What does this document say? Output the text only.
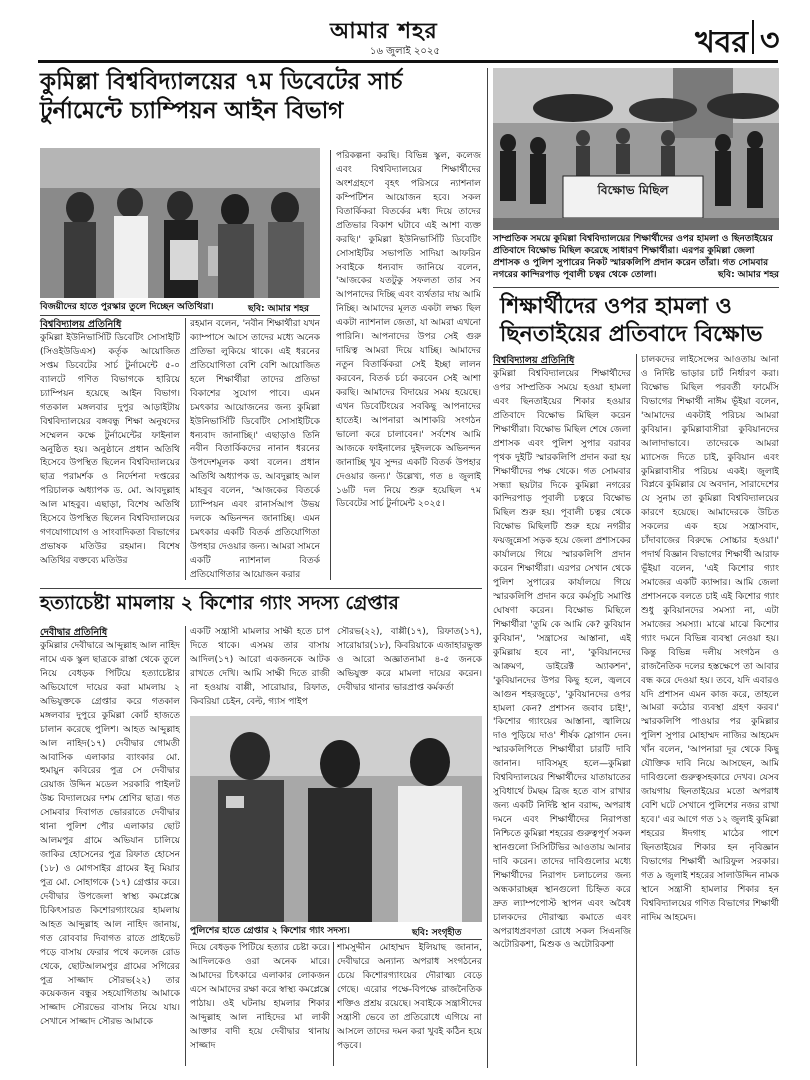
আমার শহর
১৬ জুলাই ২০২৫	খবর ৩
কুমিল্লা বিশ্ববিদ্যালয়ের ৭ম ডিবেটের সার্চ টুর্নামেন্টে চ্যাম্পিয়ন আইন বিভাগ
বিজয়ীদের হাতে পুরস্কার তুলে দিচ্ছেন অতিথিরা।	ছবি: আমার শহর
বিশ্ববিদ্যালয় প্রতিনিধি
কুমিল্লা ইউনিভার্সিটি ডিবেটিং সোসাইটি (সিওইউডিএস) কর্তৃক আয়োজিত সপ্তম ডিবেটের সার্চ টুর্নামেন্টে ৫-০ ব্যালটে গণিত বিভাগকে হারিয়ে চ্যাম্পিয়ন হয়েছে আইন বিভাগ। গতকাল মঙ্গলবার দুপুর আড়াইটায় বিশ্ববিদ্যালয়ের বঙ্গবন্ধু শিক্ষা অনুষদের সম্মেলন কক্ষে টুর্নামেন্টের ফাইনাল অনুষ্ঠিত হয়। অনুষ্ঠানে প্রধান অতিথি হিসেবে উপস্থিত ছিলেন বিশ্ববিদ্যালয়ের ছাত্র পরামর্শক ও নির্দেশনা দপ্তরের পরিচালক অধ্যাপক ড. মো. আবদুল্লাহ আল মাহবুব। এছাড়া, বিশেষ অতিথি হিসেবে উপস্থিত ছিলেন বিশ্ববিদ্যালয়ের গণযোগাযোগ ও সাংবাদিকতা বিভাগের প্রভাষক মতিউর রহমান। বিশেষ অতিথির বক্তব্যে মতিউর
রহমান বলেন, 'নবীন শিক্ষার্থীরা যখন ক্যাম্পাসে আসে তাদের মধ্যে অনেক প্রতিভা লুকিয়ে থাকে। এই ধরনের প্রতিযোগিতা বেশি বেশি আয়োজিত হলে শিক্ষার্থীরা তাদের প্রতিভা বিকাশের সুযোগ পাবে। এমন চমৎকার আয়োজনের জন্য কুমিল্লা ইউনিভার্সিটি ডিবেটিং সোসাইটিকে ধন্যবাদ জানাচ্ছি।' এছাড়াও তিনি নবীন বিতার্কিকদের নানান ধরনের উপদেশমূলক কথা বলেন। প্রধান অতিথি অধ্যাপক ড. আবদুল্লাহ আল মাহবুব বলেন, 'আজকের বিতর্কে চ্যাম্পিয়ন এবং রানার্সআপ উভয় দলকে অভিনন্দন জানাচ্ছি। এমন চমৎকার একটি বিতর্ক প্রতিযোগিতা উপহার দেওয়ার জন্য। আমরা সামনে একটি ন্যাশনাল বিতর্ক প্রতিযোগিতার আয়োজন করার
পরিকল্পনা করছি। বিভিন্ন স্কুল, কলেজ এবং বিশ্ববিদ্যালয়ের শিক্ষার্থীদের অংশগ্রহণে বৃহৎ পরিসরে ন্যাশনাল কম্পিটিশন আয়োজন হবে। সকল বিতার্কিকরা বিতর্কের মধ্য দিয়ে তাদের প্রতিভার বিকাশ ঘটাবে এই আশা ব্যক্ত করছি।' কুমিল্লা ইউনিভার্সিটি ডিবেটিং সোসাইটির সভাপতি সাদিয়া আফরিন সবাইকে ধন্যবাদ জানিয়ে বলেন, 'আজকের যতটুকু সফলতা তার সব আপনাদের দিচ্ছি এবং ব্যর্থতার দায় আমি নিচ্ছি। আমাদের মূলত একটা লক্ষ্য ছিল একটা ন্যাশনাল জেতা, যা আমরা এখনো পারিনি। আপনাদের উপর সেই গুরু দায়িত্ব আমরা দিয়ে যাচ্ছি। আমাদের নতুন বিতার্কিকরা সেই ইচ্ছা লালন করবেন, বিতর্ক চর্চা করবেন সেই আশা করছি। আমাদের বিদায়ের সময় হয়েছে। এখন ডিবেটিংয়ের সবকিছু আপনাদের হাতেই। আপনারা আশাকরি সংগঠন ভালো করে চালাবেন।' সর্বশেষ আমি আজকে ফাইনালের দুইদলকে অভিনন্দন জানাচ্ছি খুব সুন্দর একটি বিতর্ক উপহার দেওয়ার জন্য।' উল্লেখ্য, গত ৪ জুলাই ১৬টি দল নিয়ে শুরু হয়েছিল ৭ম ডিবেটের সার্চ টুর্নামেন্ট ২০২৫।
বিক্ষোভ মিছিল
সাম্প্রতিক সময়ে কুমিল্লা বিশ্ববিদ্যালয়ের শিক্ষার্থীদের ওপর হামলা ও ছিনতাইয়ের প্রতিবাদে বিক্ষোভ মিছিল করেছে সাধারণ শিক্ষার্থীরা। এরপর কুমিল্লা জেলা প্রশাসক ও পুলিশ সুপারের নিকট স্মারকলিপি প্রদান করেন তাঁরা। গত সোমবার নগরের কান্দিরপাড় পূবালী চত্বর থেকে তোলা।	ছবি: আমার শহর
শিক্ষার্থীদের ওপর হামলা ও ছিনতাইয়ের প্রতিবাদে বিক্ষোভ
বিশ্ববিদ্যালয় প্রতিনিধি
কুমিল্লা বিশ্ববিদ্যালয়ের শিক্ষার্থীদের ওপর সাম্প্রতিক সময়ে হওয়া হামলা এবং ছিনতাইয়ের শিকার হওয়ার প্রতিবাদে বিক্ষোভ মিছিল করেন শিক্ষার্থীরা। বিক্ষোভ মিছিল শেষে জেলা প্রশাসক এবং পুলিশ সুপার বরাবর পৃথক দুইটি স্মারকলিপি প্রদান করা হয় শিক্ষার্থীদের পক্ষ থেকে। গত সোমবার সন্ধ্যা ছয়টার দিকে কুমিল্লা নগরের কান্দিরপাড় পূবালী চত্বরে বিক্ষোভ মিছিল শুরু হয়। পূবালী চত্বর থেকে বিক্ষোভ মিছিলটি শুরু হয়ে নগরীর ফয়জুন্নেসা সড়ক হয়ে জেলা প্রশাসকের কার্যালয়ে গিয়ে স্মারকলিপি প্রদান করেন শিক্ষার্থীরা। এরপর সেখান থেকে পুলিশ সুপারের কার্যালয়ে গিয়ে স্মারকলিপি প্রদান করে কর্মসূচি সমাপ্তি ঘোষণা করেন। বিক্ষোভ মিছিলে শিক্ষার্থীরা 'তুমি কে আমি কে? কুবিয়ান কুবিয়ান', 'সন্ত্রাসের আস্তানা, এই কুমিল্লায় হবে না', 'কুবিয়ানদের আক্রমণ, ডাইরেক্ট অ্যাকশন', 'কুবিয়ানদের উপর কিছু হলে, জ্বলবে আগুন শহরজুড়ে', 'কুবিয়ানদের ওপর হামলা কেন? প্রশাসন জবাব চাই!', 'কিশোর গ্যাংয়ের আস্তানা, জ্বালিয়ে দাও পুড়িয়ে দাও' শীর্ষক স্লোগান দেন। স্মারকলিপিতে শিক্ষার্থীরা চারটি দাবি জানান। দাবিসমূহ হলে—কুমিল্লা বিশ্ববিদ্যালয়ের শিক্ষার্থীদের যাতায়াতের সুবিধার্থে টমছম ব্রিজ হতে বাস রাখার জন্য একটি নির্দিষ্ট স্থান বরাদ্দ, অপরাধ দমনে এবং শিক্ষার্থীদের নিরাপত্তা নিশ্চিতে কুমিল্লা শহরের গুরুত্বপূর্ণ সকল স্থানগুলো সিসিটিভির আওতায় আনার দাবি করেন। তাদের দাবিগুলোর মধ্যে শিক্ষার্থীদের নিরাপদ চলাচলের জন্য অন্ধকারাচ্ছন্ন স্থানগুলো চিহ্নিত করে দ্রুত ল্যাম্পপোস্ট স্থাপন এবং অবৈধ চালকদের দৌরাত্ম্য কমাতে এবং অপরাধপ্রবণতা রোধে সকল সিএনজি অটোরিকশা, মিশুক ও অটোরিকশা
চালকদের লাইসেন্সের আওতায় আনা ও নির্দিষ্ট ভাড়ার চার্ট নির্ধারণ করা। বিক্ষোভ মিছিল পরবর্তী ফার্মেসি বিভাগের শিক্ষার্থী নাঈম ভূঁইয়া বলেন, 'আমাদের একটাই পরিচয় আমরা কুবিয়ান। কুমিল্লাবাসীরা কুবিয়ানদের আলাদাভাবে। তাদেরকে আমরা ম্যাসেজ দিতে চাই, কুবিয়ান এবং কুমিল্লাবাসীর পরিচয় একই। জুলাই বিপ্লবে কুমিল্লার যে অবদান, সারাদেশের যে সুনাম তা কুমিল্লা বিশ্ববিদ্যালয়ের কারণে হয়েছে। আমাদেরকে উচিত সকলের এক হয়ে সন্ত্রাসবাদ, চাঁদাবাজের বিরুদ্ধে সোচ্চার হওয়া।' পদার্থ বিজ্ঞান বিভাগের শিক্ষার্থী আরাফ ভূঁইয়া বলেন, 'এই কিশোর গ্যাং সমাজের একটি ক্যান্সার। আমি জেলা প্রশাসনকে বলতে চাই এই কিশোর গ্যাং শুধু কুবিয়ানদের সমস্যা না, এটা সমাজের সমস্যা। মাঝে মাঝে কিশোর গ্যাং দমনে বিভিন্ন ব্যবস্থা নেওয়া হয়। কিন্তু বিভিন্ন দলীয় সংগঠন ও রাজনৈতিক দলের হস্তক্ষেপে তা আবার বন্ধ করে দেওয়া হয়। তবে, যদি এবারও যদি প্রশাসন এমন কাজ করে, তাহলে আমরা কঠোর ব্যবস্থা গ্রহণ করব।' স্মারকলিপি পাওয়ার পর কুমিল্লার পুলিশ সুপার মোহাম্মদ নাজির আহমেদ খাঁন বলেন, 'আপনারা দূর থেকে কিছু যৌক্তিক দাবি নিয়ে আসছেন, আমি দাবিগুলো গুরুত্বসহকারে দেখব। যেসব জায়গায় ছিনতাইয়ের মতো অপরাধ বেশি ঘটে সেখানে পুলিশের নজর রাখা হবে।' এর আগে গত ১২ জুলাই কুমিল্লা শহরের ঈদগাহ মাঠের পাশে ছিনতাইয়ের শিকার হন নৃবিজ্ঞান বিভাগের শিক্ষার্থী আরিফুল সরকার। গত ৯ জুলাই শহরের সালাউদ্দিন নামক স্থানে সন্ত্রাসী হামলার শিকার হন বিশ্ববিদ্যালয়ের গণিত বিভাগের শিক্ষার্থী নাদিম আহমেদ।
হত্যাচেষ্টা মামলায় ২ কিশোর গ্যাং সদস্য গ্রেপ্তার
দেবীদ্বার প্রতিনিধি
কুমিল্লার দেবীদ্বারে আব্দুল্লাহ আল নাহিদ নামে এক স্কুল ছাত্রকে রাস্তা থেকে তুলে নিয়ে বেধড়ক পিটিয়ে হত্যাচেষ্টার অভিযোগে দায়ের করা মামলায় ২ অভিযুক্তকে গ্রেপ্তার করে গতকাল মঙ্গলবার দুপুরে কুমিল্লা কোর্ট হাজতে চালান করেছে পুলিশ। আহত আব্দুল্লাহ আল নাহিদ(১৭) দেবীদ্বার গোমতী আবাসিক এলাকার ব্যাংকার মো. হুমায়ুন কবিরের পুত্র সে দেবীদ্বার রেয়াজ উদ্দিন মডেল সরকারি পাইলট উচ্চ বিদ্যালয়ের দশম শ্রেণির ছাত্র। গত সোমবার দিবাগত ভোররাতে দেবীদ্বার থানা পুলিশ পৌর এলাকার ছোট আলমপুর গ্রামে অভিযান চালিয়ে জাকির হোসেনের পুত্র রিফাত হোসেন (১৮) ও মোগসাইর গ্রামের ইনু মিয়ার পুত্র মো. সোহাগকে (১৭) গ্রেপ্তার করে। দেবীদ্বার উপজেলা স্বাস্থ্য কমপ্লেক্সে চিকিৎসারত কিশোরগ্যাংয়ের হামলায় আহত আব্দুল্লাহ আল নাহিদ জানায়, গত রোববার দিবাগত রাতে প্রাইভেট পড়ে বাসায় ফেরার পথে কলেজ রোড থেকে, ছোটআলমপুর গ্রামের সগিরের পুত্র সাজ্জাদ সৌরভ(২২) তার কয়েকজন বন্ধুর সহযোগিতায় আমাকে সাজ্জাদ সৌরভের বাসায় নিয়ে যায়। সেখানে সাজ্জাদ সৌরভ আমাকে
একটি সন্ত্রাসী মামলার সাক্ষী হতে চাপ দিতে থাকে। এসময় তার বাসায় আদিল(১৭) আরো একজনকে আটক রাখতে দেখি। আমি সাক্ষী দিতে রাজী না হওয়ায় বাপ্পী, সারোয়ার, রিফাত, কিবরিয়া চেইন, বেল্ট, গ্যাস পাইপ
সৌরভ(২২), বাপ্পী(১৭), রিফাত(১৭), সারোয়ার(১৮), কিবরিয়াকে এজাহারভুক্ত ও আরো অজ্ঞাতনামা ৪-৫ জনকে অভিযুক্ত করে মামলা দায়ের করেন। দেবীদ্বার থানার ভারপ্রাপ্ত কর্মকর্তা
পুলিশের হাতে গ্রেপ্তার ২ কিশোর গ্যাং সদস্য।	ছবি: সংগৃহীত
দিয়ে বেধড়ক পিটিয়ে হত্যার চেষ্টা করে। আদিলকেও ওরা অনেক মারে। আমাদের চিৎকারে এলাকার লোকজন এসে আমাদের রক্ষা করে স্বাস্থ্য কমপ্লেক্সে পাঠায়। ওই ঘটনায় হামলার শিকার আব্দুল্লাহ আল নাহিদের মা লাকী আক্তার বাদী হয়ে দেবীদ্বার থানায় সাজ্জাদ
শামসুদ্দীন মোহাম্মদ ইলিয়াছ জানান, দেবীদ্বারে অন্যান্য অপরাধ সংগঠনের চেয়ে কিশোরগ্যাংয়ের দৌরাত্ম্য বেড়ে গেছে। এরোর পক্ষে-বিপক্ষে রাজনৈতিক শক্তিও প্রশ্রয় রয়েছে। সবাইকে সন্ত্রাসীদের সন্ত্রাসী ভেবে তা প্রতিরোধে এগিয়ে না আসলে তাদের দমন করা খুবই কঠিন হয়ে পড়বে।
